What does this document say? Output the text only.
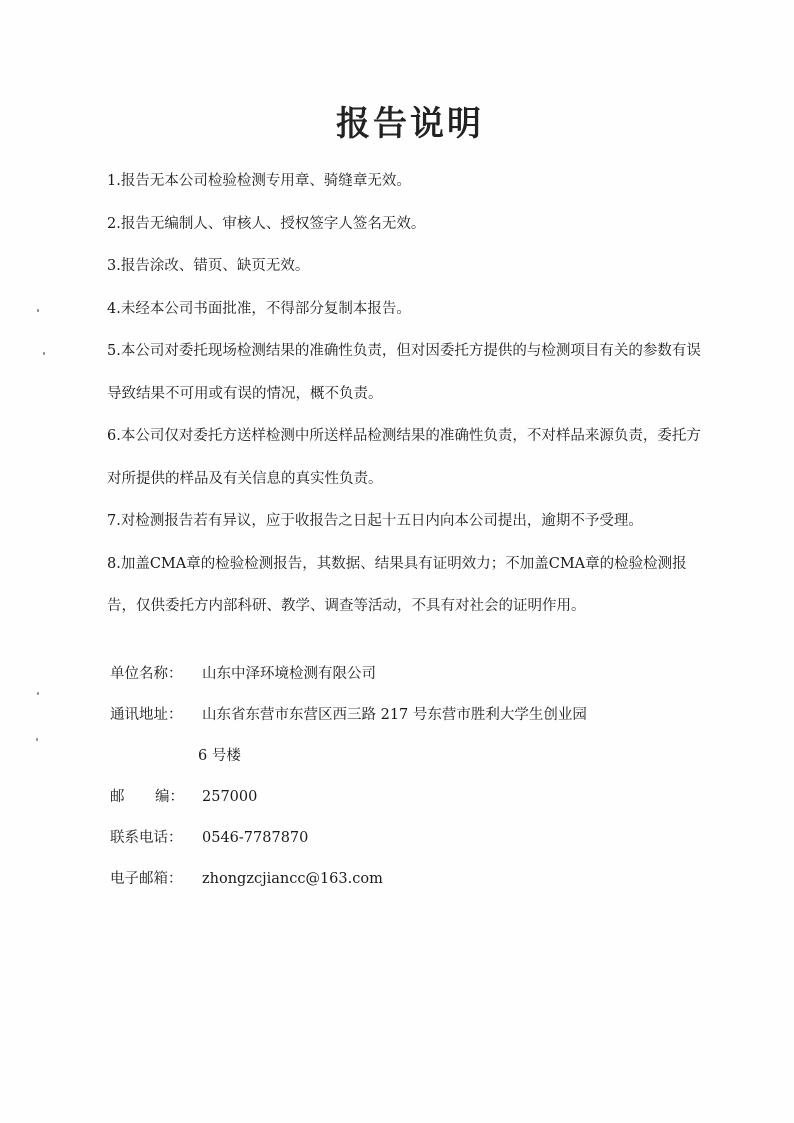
报告说明

1.报告无本公司检验检测专用章、骑缝章无效。

2.报告无编制人、审核人、授权签字人签名无效。

3.报告涂改、错页、缺页无效。

4.未经本公司书面批准，不得部分复制本报告。

5.本公司对委托现场检测结果的准确性负责，但对因委托方提供的与检测项目有关的参数有误导致结果不可用或有误的情况，概不负责。

6.本公司仅对委托方送样检测中所送样品检测结果的准确性负责，不对样品来源负责，委托方对所提供的样品及有关信息的真实性负责。

7.对检测报告若有异议，应于收报告之日起十五日内向本公司提出，逾期不予受理。

8.加盖CMA章的检验检测报告，其数据、结果具有证明效力；不加盖CMA章的检验检测报告，仅供委托方内部科研、教学、调查等活动，不具有对社会的证明作用。

单位名称：	山东中泽环境检测有限公司
通讯地址：	山东省东营市东营区西三路 217 号东营市胜利大学生创业园
6 号楼
邮 编： 257000
联系电话：	0546-7787870
电子邮箱：	zhongzcjiancc@163.com
